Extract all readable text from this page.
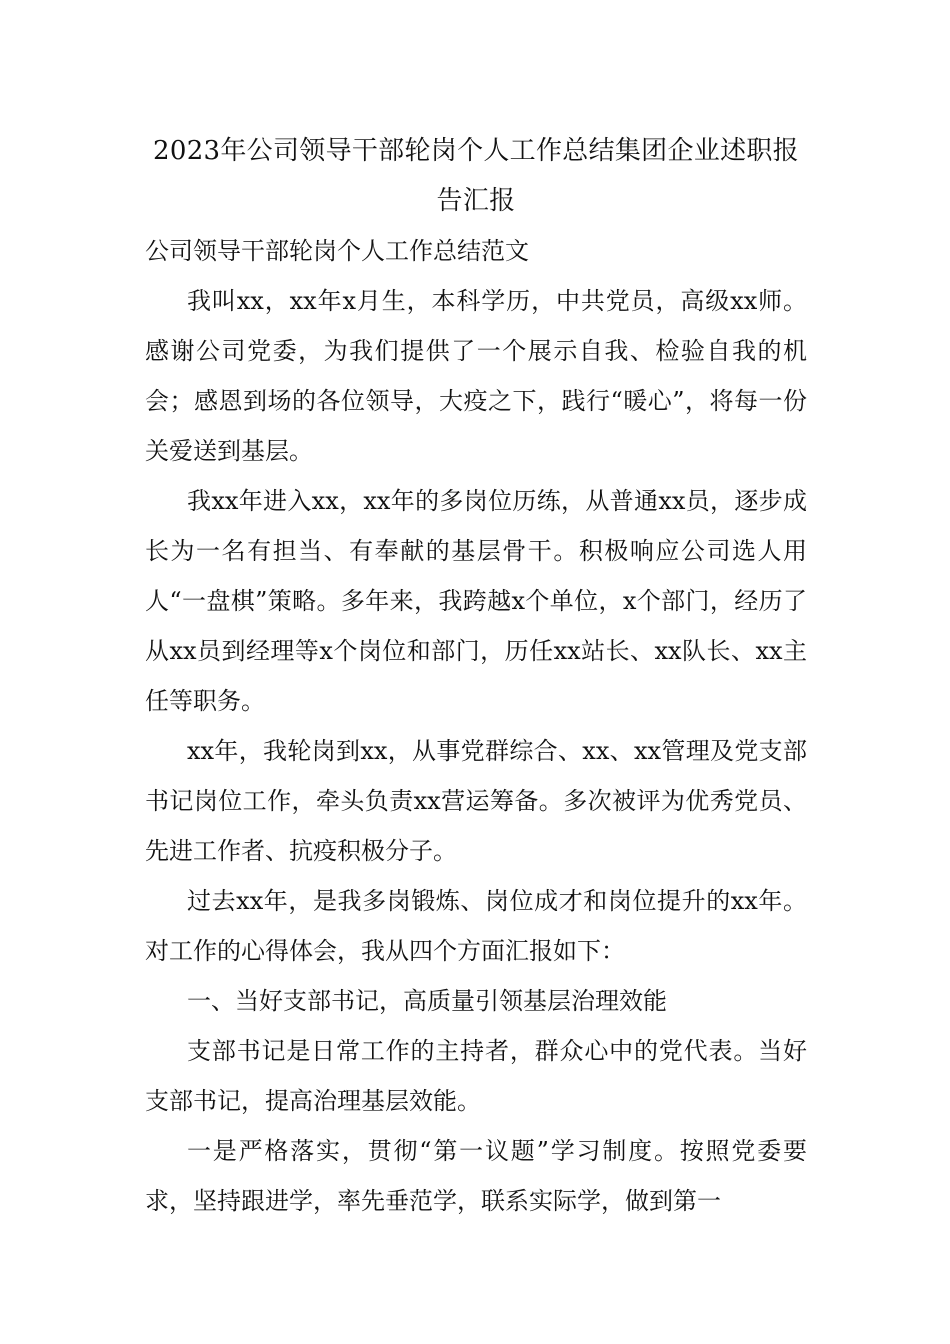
2023年公司领导干部轮岗个人工作总结集团企业述职报告汇报

公司领导干部轮岗个人工作总结范文

我叫xx，xx年x月生，本科学历，中共党员，高级xx师。感谢公司党委，为我们提供了一个展示自我、检验自我的机会；感恩到场的各位领导，大疫之下，践行“暖心”，将每一份关爱送到基层。

我xx年进入xx，xx年的多岗位历练，从普通xx员，逐步成长为一名有担当、有奉献的基层骨干。积极响应公司选人用人“一盘棋”策略。多年来，我跨越x个单位，x个部门，经历了从xx员到经理等x个岗位和部门，历任xx站长、xx队长、xx主任等职务。

xx年，我轮岗到xx，从事党群综合、xx、xx管理及党支部书记岗位工作，牵头负责xx营运筹备。多次被评为优秀党员、先进工作者、抗疫积极分子。

过去xx年，是我多岗锻炼、岗位成才和岗位提升的xx年。对工作的心得体会，我从四个方面汇报如下：

一、当好支部书记，高质量引领基层治理效能

支部书记是日常工作的主持者，群众心中的党代表。当好支部书记，提高治理基层效能。

一是严格落实，贯彻“第一议题”学习制度。按照党委要求，坚持跟进学，率先垂范学，联系实际学，做到第一
